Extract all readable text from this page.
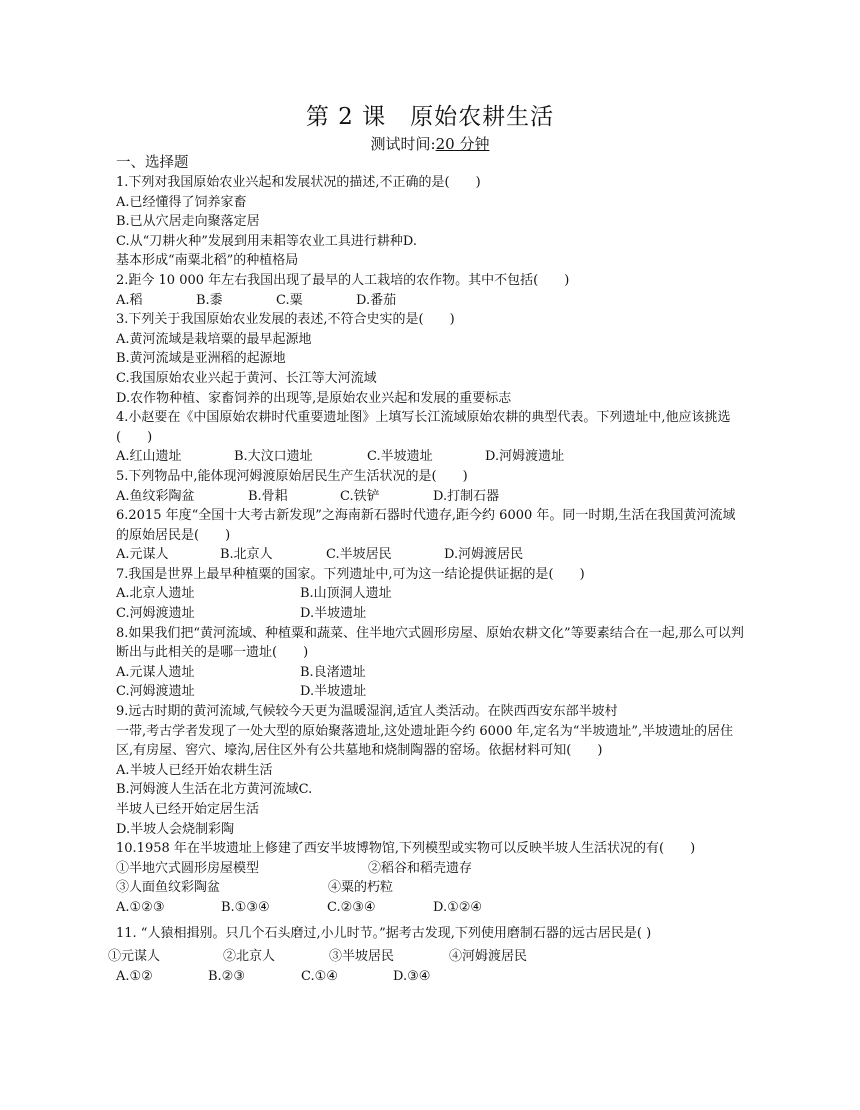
第 2 课　原始农耕生活
测试时间:20 分钟
一、选择题
1.下列对我国原始农业兴起和发展状况的描述,不正确的是(　　)
A.已经懂得了饲养家畜
B.已从穴居走向聚落定居
C.从“刀耕火种”发展到用耒耜等农业工具进行耕种D.
基本形成“南粟北稻”的种植格局
2.距今 10 000 年左右我国出现了最早的人工栽培的农作物。其中不包括(　　)
A.稻	B.黍	C.粟	D.番茄
3.下列关于我国原始农业发展的表述,不符合史实的是(　　)
A.黄河流域是栽培粟的最早起源地
B.黄河流域是亚洲稻的起源地
C.我国原始农业兴起于黄河、长江等大河流域
D.农作物种植、家畜饲养的出现等,是原始农业兴起和发展的重要标志
4.小赵要在《中国原始农耕时代重要遗址图》上填写长江流域原始农耕的典型代表。下列遗址中,他应该挑选(　　)
A.红山遗址	B.大汶口遗址	C.半坡遗址	D.河姆渡遗址
5.下列物品中,能体现河姆渡原始居民生产生活状况的是(　　)
A.鱼纹彩陶盆	B.骨耜	C.铁铲	D.打制石器
6.2015 年度“全国十大考古新发现”之海南新石器时代遗存,距今约 6000 年。同一时期,生活在我国黄河流域的原始居民是(　　)
A.元谋人	B.北京人	C.半坡居民	D.河姆渡居民
7.我国是世界上最早种植粟的国家。下列遗址中,可为这一结论提供证据的是(　　)
A.北京人遗址	B.山顶洞人遗址
C.河姆渡遗址	D.半坡遗址
8.如果我们把“黄河流域、种植粟和蔬菜、住半地穴式圆形房屋、原始农耕文化”等要素结合在一起,那么可以判断出与此相关的是哪一遗址(　　)
A.元谋人遗址	B.良渚遗址
C.河姆渡遗址	D.半坡遗址
9.远古时期的黄河流域,气候较今天更为温暖湿润,适宜人类活动。在陕西西安东部半坡村
一带,考古学者发现了一处大型的原始聚落遗址,这处遗址距今约 6000 年,定名为“半坡遗址”,半坡遗址的居住区,有房屋、窖穴、壕沟,居住区外有公共墓地和烧制陶器的窑场。依据材料可知(　　)
A.半坡人已经开始农耕生活
B.河姆渡人生活在北方黄河流域C.
半坡人已经开始定居生活
D.半坡人会烧制彩陶
10.1958 年在半坡遗址上修建了西安半坡博物馆,下列模型或实物可以反映半坡人生活状况的有(　　)
①半地穴式圆形房屋模型	②稻谷和稻壳遗存
③人面鱼纹彩陶盆	④粟的朽粒
A.①②③	B.①③④	C.②③④	D.①②④
11. “人猿相揖别。只几个石头磨过,小儿时节。”据考古发现,下列使用磨制石器的远古居民是( )
①元谋人	②北京人	③半坡居民	④河姆渡居民
A.①②	B.②③	C.①④	D.③④
